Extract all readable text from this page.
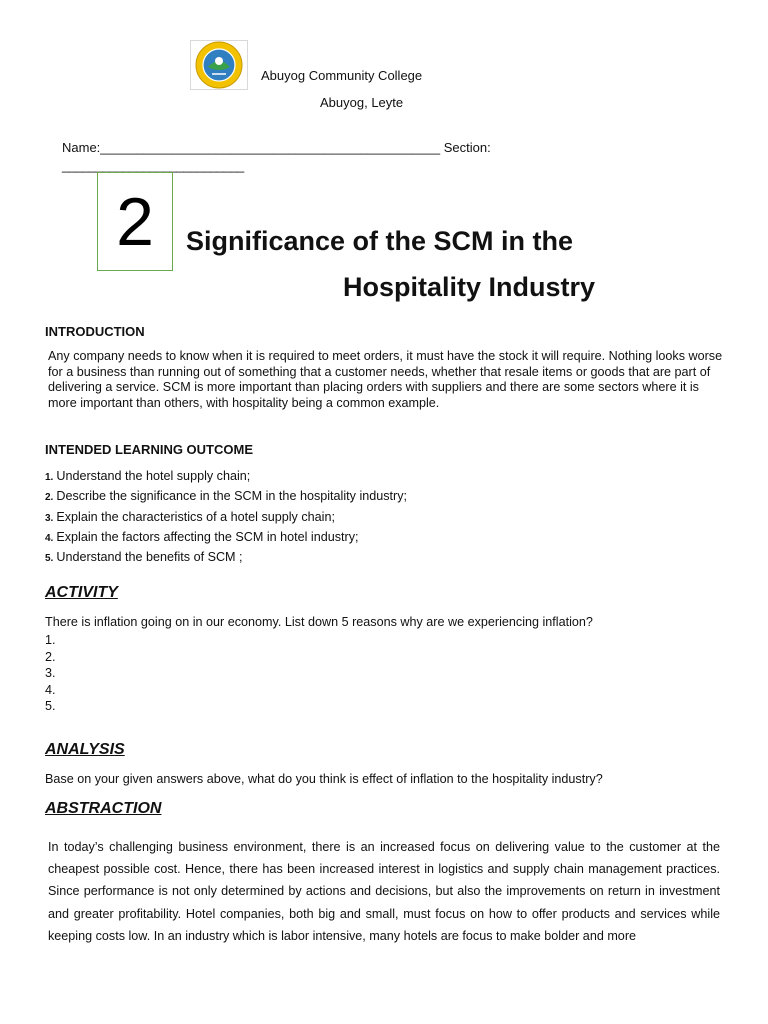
Abuyog Community College
Abuyog, Leyte
Name:_______________________________________________ Section:
___________________________
2 Significance of the SCM in the
Hospitality Industry
INTRODUCTION
Any company needs to know when it is required to meet orders, it must have the stock it will require. Nothing looks worse for a business than running out of something that a customer needs, whether that resale items or goods that are part of delivering a service. SCM is more important than placing orders with suppliers and there are some sectors where it is more important than others, with hospitality being a common example.
INTENDED LEARNING OUTCOME
1. Understand the hotel supply chain;
2. Describe the significance in the SCM in the hospitality industry;
3. Explain the characteristics of a hotel supply chain;
4. Explain the factors affecting the SCM in hotel industry;
5. Understand the benefits of SCM ;
ACTIVITY
There is inflation going on in our economy. List down 5 reasons why are we experiencing inflation?
1.
2.
3.
4.
5.
ANALYSIS
Base on your given answers above, what do you think is effect of inflation to the hospitality industry?
ABSTRACTION
In today’s challenging business environment, there is an increased focus on delivering value to the customer at the cheapest possible cost. Hence, there has been increased interest in logistics and supply chain management practices. Since performance is not only determined by actions and decisions, but also the improvements on return in investment and greater profitability. Hotel companies, both big and small, must focus on how to offer products and services while keeping costs low. In an industry which is labor intensive, many hotels are focus to make bolder and more
